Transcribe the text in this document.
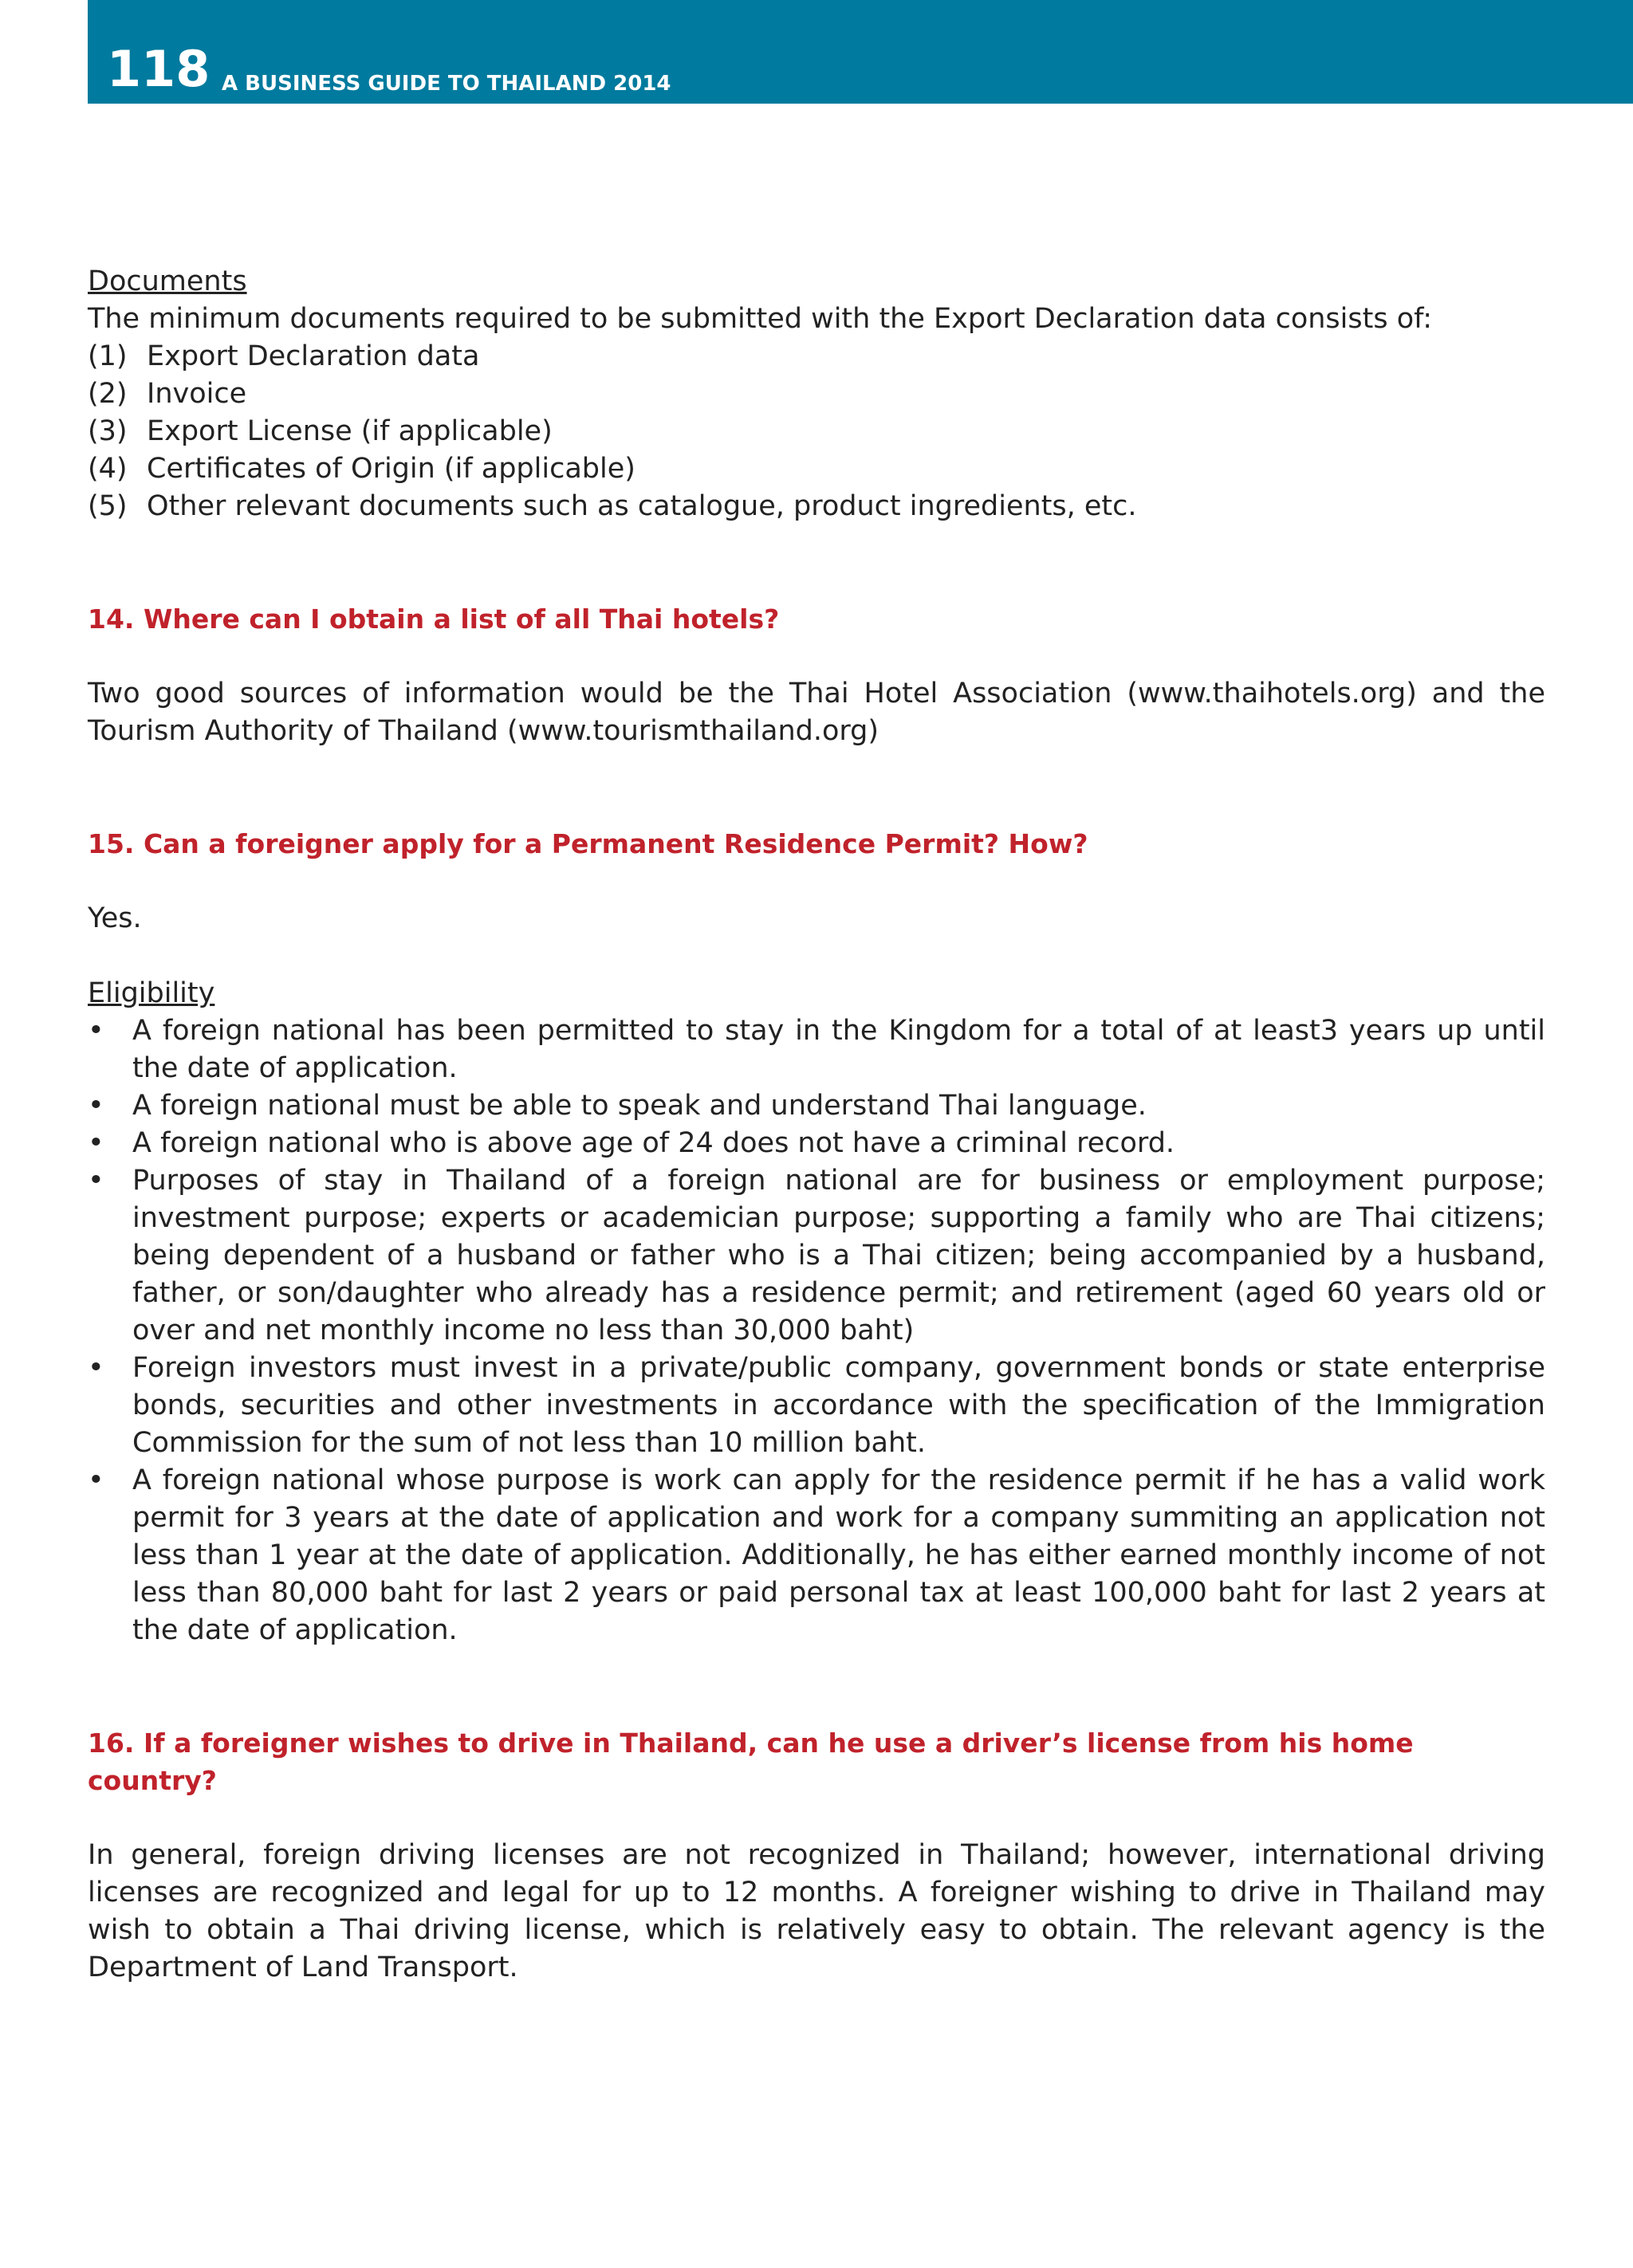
118 A BUSINESS GUIDE TO THAILAND 2014

Documents

The minimum documents required to be submitted with the Export Declaration data consists of:

(1) Export Declaration data
(2) Invoice
(3) Export License (if applicable)
(4) Certificates of Origin (if applicable)
(5) Other relevant documents such as catalogue, product ingredients, etc.

14. Where can I obtain a list of all Thai hotels?

Two good sources of information would be the Thai Hotel Association (www.thaihotels.org) and the Tourism Authority of Thailand (www.tourismthailand.org)

15. Can a foreigner apply for a Permanent Residence Permit? How?

Yes.

Eligibility

• A foreign national has been permitted to stay in the Kingdom for a total of at least3 years up until the date of application.
• A foreign national must be able to speak and understand Thai language.
• A foreign national who is above age of 24 does not have a criminal record.
• Purposes of stay in Thailand of a foreign national are for business or employment purpose; investment purpose; experts or academician purpose; supporting a family who are Thai citizens; being dependent of a husband or father who is a Thai citizen; being accompanied by a husband, father, or son/daughter who already has a residence permit; and retirement (aged 60 years old or over and net monthly income no less than 30,000 baht)
• Foreign investors must invest in a private/public company, government bonds or state enterprise bonds, securities and other investments in accordance with the specification of the Immigration Commission for the sum of not less than 10 million baht.
• A foreign national whose purpose is work can apply for the residence permit if he has a valid work permit for 3 years at the date of application and work for a company summiting an application not less than 1 year at the date of application. Additionally, he has either earned monthly income of not less than 80,000 baht for last 2 years or paid personal tax at least 100,000 baht for last 2 years at the date of application.

16. If a foreigner wishes to drive in Thailand, can he use a driver’s license from his home country?

In general, foreign driving licenses are not recognized in Thailand; however, international driving licenses are recognized and legal for up to 12 months. A foreigner wishing to drive in Thailand may wish to obtain a Thai driving license, which is relatively easy to obtain. The relevant agency is the Department of Land Transport.
